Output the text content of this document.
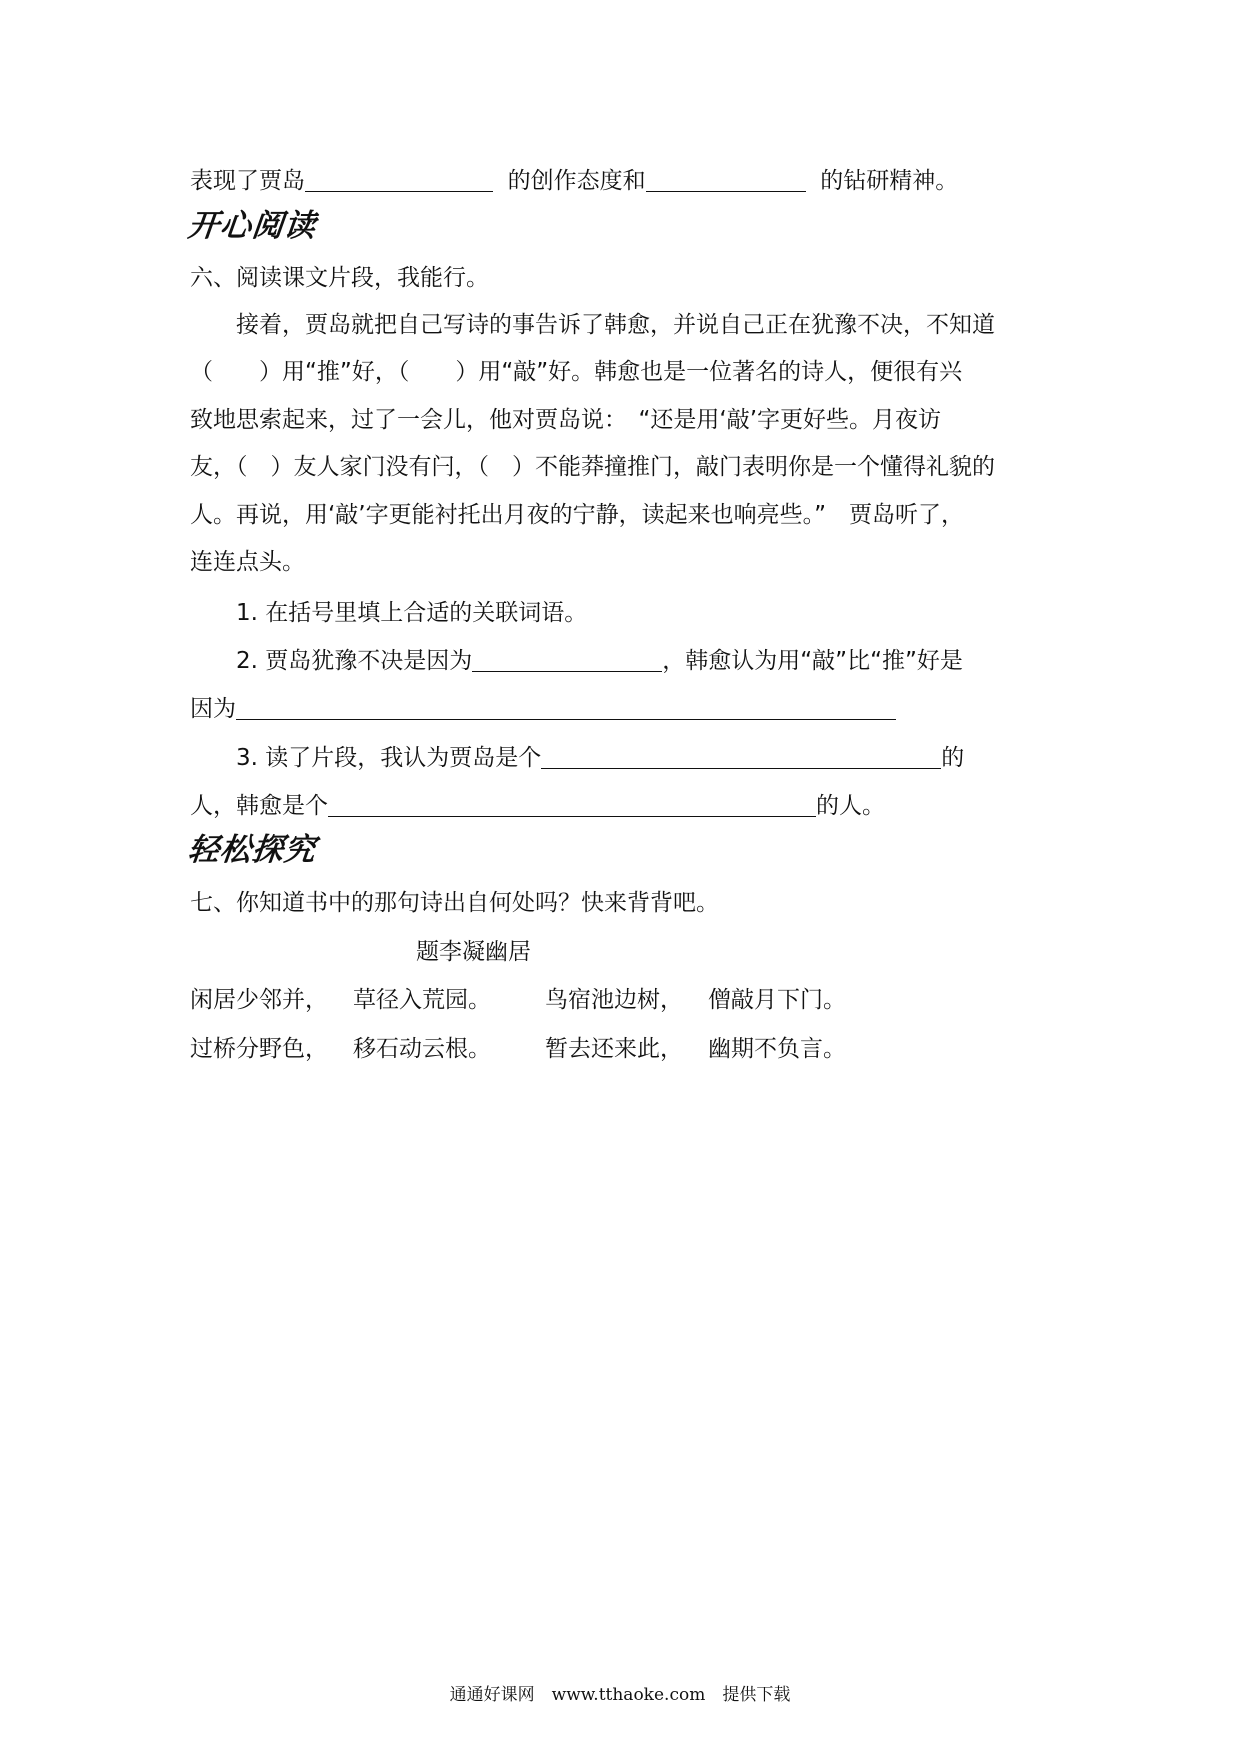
表现了贾岛	的创作态度和	的钻研精神。
开心阅读
六、阅读课文片段，我能行。
接着，贾岛就把自己写诗的事告诉了韩愈，并说自己正在犹豫不决，不知道
（　　）用“推”好，（　　）用“敲”好。韩愈也是一位著名的诗人，便很有兴
致地思索起来，过了一会儿，他对贾岛说：　“还是用‘敲’字更好些。月夜访
友，（　）友人家门没有闩，（　）不能莽撞推门，敲门表明你是一个懂得礼貌的
人。再说，用‘敲’字更能衬托出月夜的宁静，读起来也响亮些。”　贾岛听了，
连连点头。
1. 在括号里填上合适的关联词语。
2. 贾岛犹豫不决是因为	，韩愈认为用“敲”比“推”好是
因为
3. 读了片段，我认为贾岛是个	的
人，韩愈是个	的人。
轻松探究
七、你知道书中的那句诗出自何处吗？快来背背吧。
题李凝幽居
闲居少邻并， 草径入荒园。 鸟宿池边树， 僧敲月下门。
过桥分野色， 移石动云根。 暂去还来此， 幽期不负言。
通通好课网　www.tthaoke.com　提供下载
